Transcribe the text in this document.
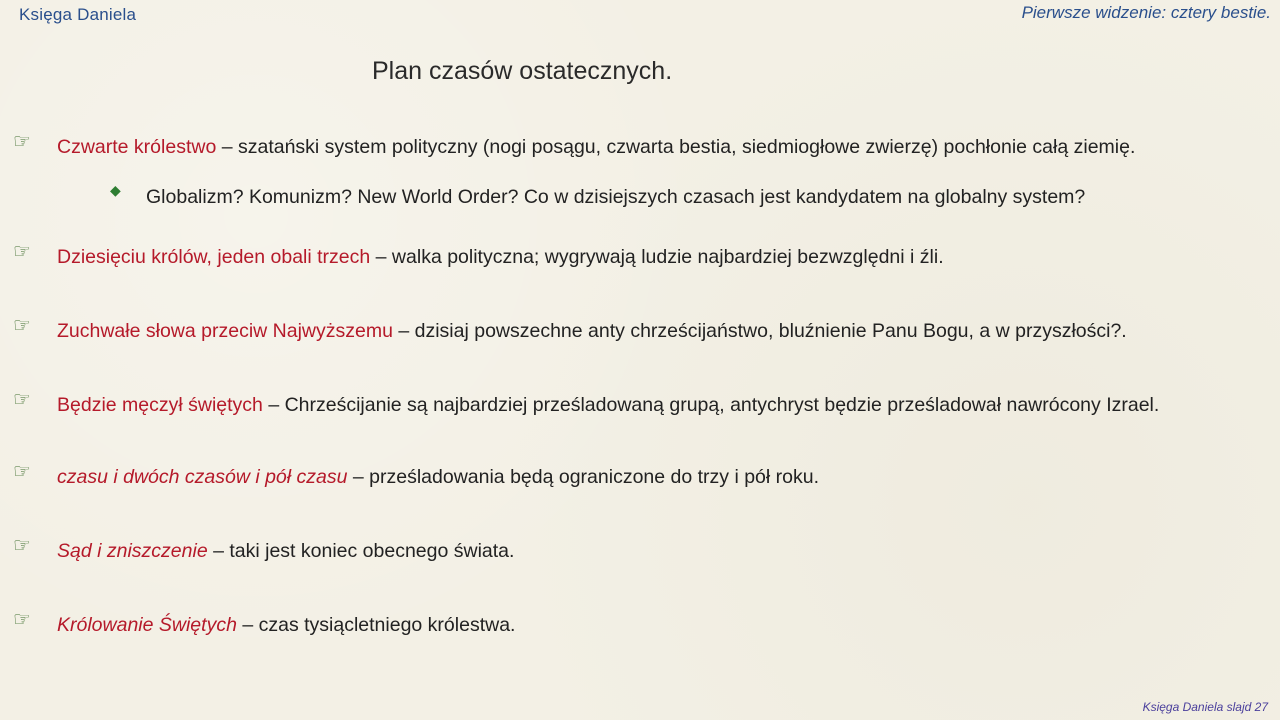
Księga Daniela	Pierwsze widzenie: cztery bestie.
Plan czasów ostatecznych.
☞ Czwarte królestwo – szatański system polityczny (nogi posągu, czwarta bestia, siedmiogłowe zwierzę) pochłonie całą ziemię.
◆ Globalizm? Komunizm? New World Order? Co w dzisiejszych czasach jest kandydatem na globalny system?
☞ Dziesięciu królów, jeden obali trzech – walka polityczna; wygrywają ludzie najbardziej bezwzględni i źli.
☞ Zuchwałe słowa przeciw Najwyższemu – dzisiaj powszechne anty chrześcijaństwo, bluźnienie Panu Bogu, a w przyszłości?.
☞ Będzie męczył świętych – Chrześcijanie są najbardziej prześladowaną grupą, antychryst będzie prześladował nawrócony Izrael.
☞ czasu i dwóch czasów i pół czasu – prześladowania będą ograniczone do trzy i pół roku.
☞ Sąd i zniszczenie – taki jest koniec obecnego świata.
☞ Królowanie Świętych – czas tysiącletniego królestwa.
Księga Daniela slajd 27
